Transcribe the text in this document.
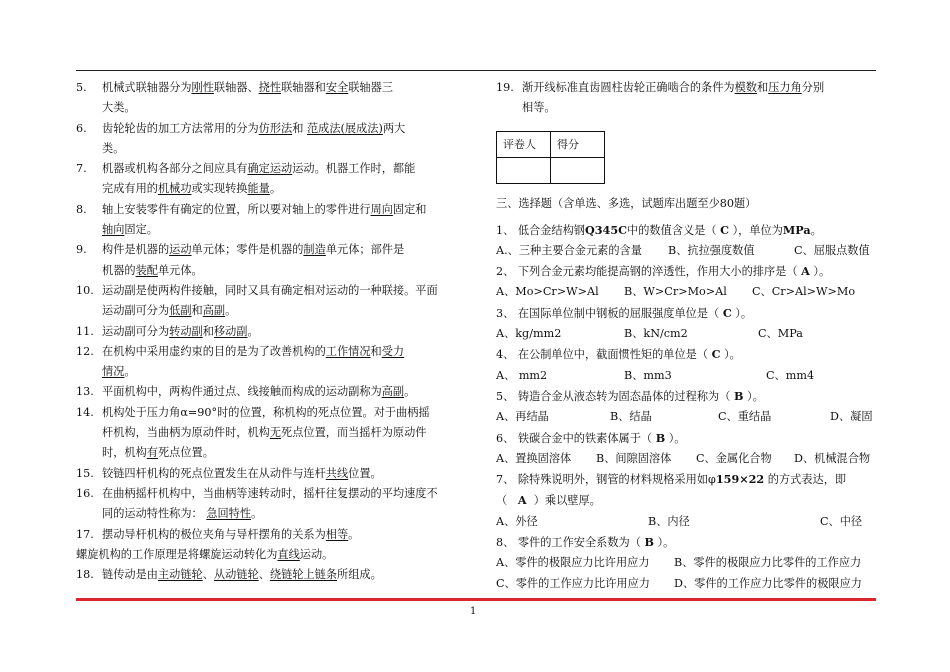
5.	机械式联轴器分为刚性联轴器、挠性联轴器和安全联轴器三
大类。
6.	齿轮轮齿的加工方法常用的分为仿形法和 范成法(展成法)两大
类。
7.	机器或机构各部分之间应具有确定运动运动。机器工作时，都能
完成有用的机械功或实现转换能量。
8.	轴上安装零件有确定的位置，所以要对轴上的零件进行周向固定和
轴向固定。
9.	构件是机器的运动单元体；零件是机器的制造单元体；部件是
机器的装配单元体。
10. 运动副是使两构件接触，同时又具有确定相对运动的一种联接。平面
运动副可分为低副和高副。
11. 运动副可分为转动副和移动副。
12. 在机构中采用虚约束的目的是为了改善机构的工作情况和受力
情况。
13. 平面机构中，两构件通过点、线接触而构成的运动副称为高副。
14. 机构处于压力角α=90°时的位置，称机构的死点位置。对于曲柄摇
杆机构，当曲柄为原动件时，机构无死点位置，而当摇杆为原动件
时，机构有死点位置。
15. 铰链四杆机构的死点位置发生在从动件与连杆共线位置。
16. 在曲柄摇杆机构中，当曲柄等速转动时，摇杆往复摆动的平均速度不
同的运动特性称为： 急回特性。
17. 摆动导杆机构的极位夹角与导杆摆角的关系为相等。
螺旋机构的工作原理是将螺旋运动转化为直线运动。
18. 链传动是由主动链轮、从动链轮、绕链轮上链条所组成。
19. 渐开线标准直齿圆柱齿轮正确啮合的条件为模数和压力角分别
相等。
评卷人	得分

三、选择题（含单选、多选，试题库出题至少80题）
1、 低合金结构钢Q345C中的数值含义是（ C ），单位为MPa。
A.、三种主要合金元素的含量	B、抗拉强度数值	C、屈服点数值
2、 下列合金元素均能提高钢的淬透性，作用大小的排序是（ A ）。
A、Mo>Cr>W>Al	B、W>Cr>Mo>Al	C、Cr>Al>W>Mo
3、 在国际单位制中钢板的屈服强度单位是（ C ）。
A、kg/mm2	B、kN/cm2	C、MPa
4、 在公制单位中，截面惯性矩的单位是（ C ）。
A、 mm2	B、mm3	C、mm4
5、 铸造合金从液态转为固态晶体的过程称为（ B ）。
A、再结晶	B、结晶	C、重结晶	D、凝固
6、 铁碳合金中的铁素体属于（ B ）。
A、置换固溶体	B、间隙固溶体	C、金属化合物	D、机械混合物
7、 除特殊说明外，钢管的材料规格采用如φ159×22 的方式表达，即
（ A ）乘以壁厚。
A、外径	B、内径	C、中径
8、 零件的工作安全系数为（ B ）。
A、零件的极限应力比许用应力	B、零件的极限应力比零件的工作应力
C、零件的工作应力比许用应力	D、零件的工作应力比零件的极限应力
1
